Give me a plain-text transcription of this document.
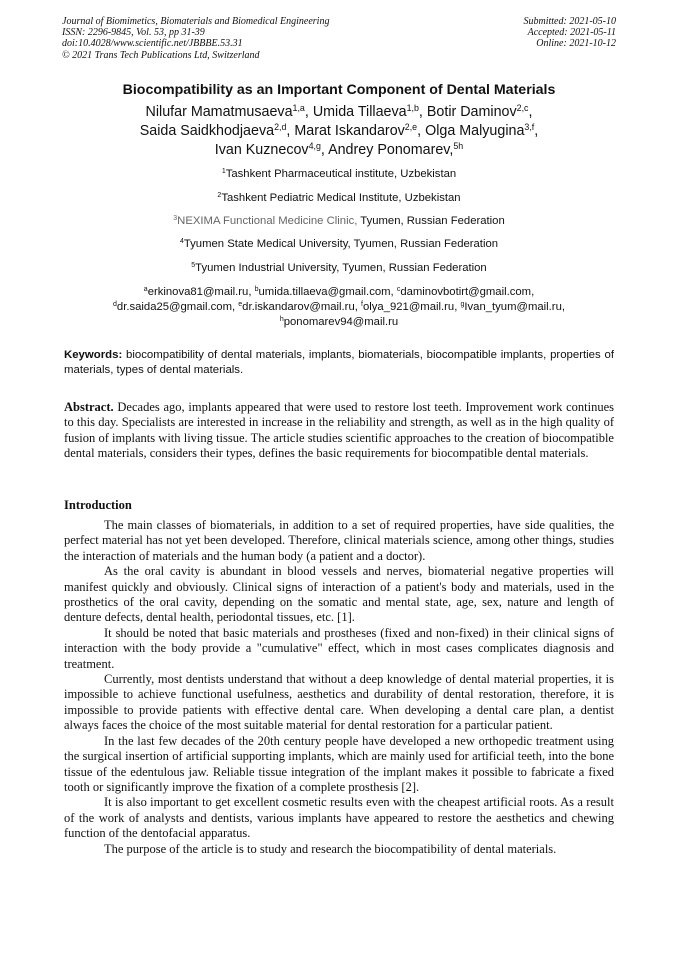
Journal of Biomimetics, Biomaterials and Biomedical Engineering
ISSN: 2296-9845, Vol. 53, pp 31-39
doi:10.4028/www.scientific.net/JBBBE.53.31
© 2021 Trans Tech Publications Ltd, Switzerland
Submitted: 2021-05-10
Accepted: 2021-05-11
Online: 2021-10-12
Biocompatibility as an Important Component of Dental Materials
Nilufar Mamatmusaeva$^{1,a}$, Umida Tillaeva$^{1,b}$, Botir Daminov$^{2,c}$,
Saida Saidkhodjaeva$^{2,d}$, Marat Iskandarov$^{2,e}$, Olga Malyugina$^{3,f}$,
Ivan Kuznecov$^{4,g}$, Andrey Ponomarev,$^{5h}$
$^1$Tashkent Pharmaceutical institute, Uzbekistan
$^2$Tashkent Pediatric Medical Institute, Uzbekistan
$^3$NEXIMA Functional Medicine Clinic, Tyumen, Russian Federation
$^4$Tyumen State Medical University, Tyumen, Russian Federation
$^5$Tyumen Industrial University, Tyumen, Russian Federation
$^a$erkinova81@mail.ru, $^b$umida.tillaeva@gmail.com, $^c$daminovbotirt@gmail.com,
$^d$dr.saida25@gmail.com, $^e$dr.iskandarov@mail.ru, $^f$olya_921@mail.ru, $^g$Ivan_tyum@mail.ru,
$^h$ponomarev94@mail.ru
Keywords: biocompatibility of dental materials, implants, biomaterials, biocompatible implants, properties of materials, types of dental materials.
Abstract. Decades ago, implants appeared that were used to restore lost teeth. Improvement work continues to this day. Specialists are interested in increase in the reliability and strength, as well as in the high quality of fusion of implants with living tissue. The article studies scientific approaches to the creation of biocompatible dental materials, considers their types, defines the basic requirements for biocompatible dental materials.
Introduction

The main classes of biomaterials, in addition to a set of required properties, have side qualities, the perfect material has not yet been developed. Therefore, clinical materials science, among other things, studies the interaction of materials and the human body (a patient and a doctor).

As the oral cavity is abundant in blood vessels and nerves, biomaterial negative properties will manifest quickly and obviously. Clinical signs of interaction of a patient's body and materials, used in the prosthetics of the oral cavity, depending on the somatic and mental state, age, sex, nature and length of denture defects, dental health, periodontal tissues, etc. [1].

It should be noted that basic materials and prostheses (fixed and non-fixed) in their clinical signs of interaction with the body provide a "cumulative" effect, which in most cases complicates diagnosis and treatment.

Currently, most dentists understand that without a deep knowledge of dental material properties, it is impossible to achieve functional usefulness, aesthetics and durability of dental restoration, therefore, it is impossible to provide patients with effective dental care. When developing a dental care plan, a dentist always faces the choice of the most suitable material for dental restoration for a particular patient.

In the last few decades of the 20th century people have developed a new orthopedic treatment using the surgical insertion of artificial supporting implants, which are mainly used for artificial teeth, into the bone tissue of the edentulous jaw. Reliable tissue integration of the implant makes it possible to fabricate a fixed tooth or significantly improve the fixation of a complete prosthesis [2].

It is also important to get excellent cosmetic results even with the cheapest artificial roots. As a result of the work of analysts and dentists, various implants have appeared to restore the aesthetics and chewing function of the dentofacial apparatus.

The purpose of the article is to study and research the biocompatibility of dental materials.
